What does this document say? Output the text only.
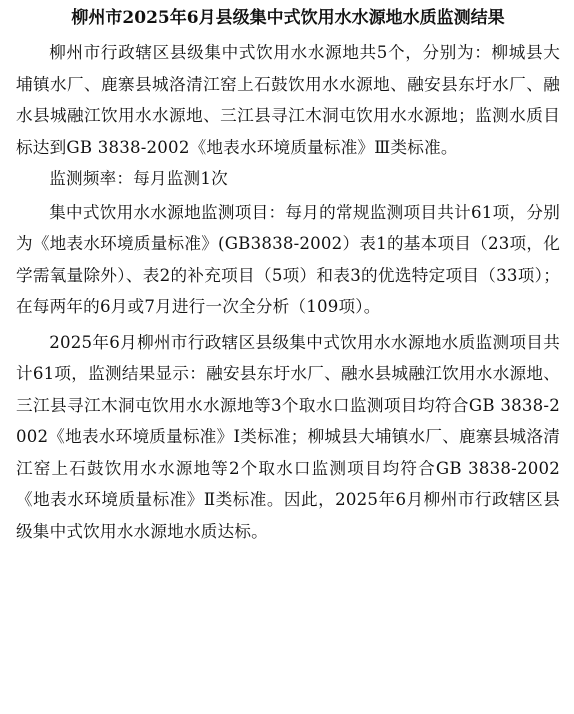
柳州市2025年6月县级集中式饮用水水源地水质监测结果

柳州市行政辖区县级集中式饮用水水源地共5个，分别为：柳城县大埔镇水厂、鹿寨县城洛清江窑上石鼓饮用水水源地、融安县东圩水厂、融水县城融江饮用水水源地、三江县寻江木洞屯饮用水水源地；监测水质目标达到GB 3838-2002《地表水环境质量标准》Ⅲ类标准。

监测频率：每月监测1次

集中式饮用水水源地监测项目：每月的常规监测项目共计61项，分别为《地表水环境质量标准》(GB3838-2002）表1的基本项目（23项，化学需氧量除外）、表2的补充项目（5项）和表3的优选特定项目（33项）；在每两年的6月或7月进行一次全分析（109项）。

2025年6月柳州市行政辖区县级集中式饮用水水源地水质监测项目共计61项，监测结果显示：融安县东圩水厂、融水县城融江饮用水水源地、三江县寻江木洞屯饮用水水源地等3个取水口监测项目均符合GB 3838-2002《地表水环境质量标准》Ⅰ类标准；柳城县大埔镇水厂、鹿寨县城洛清江窑上石鼓饮用水水源地等2个取水口监测项目均符合GB 3838-2002《地表水环境质量标准》Ⅱ类标准。因此，2025年6月柳州市行政辖区县级集中式饮用水水源地水质达标。
